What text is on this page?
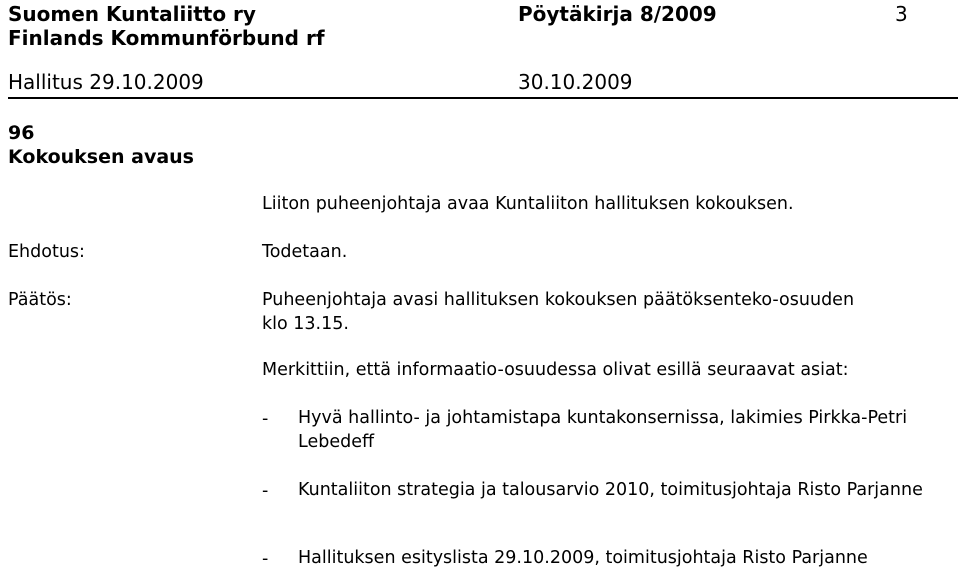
Suomen Kuntaliitto ry
Finlands Kommunförbund rf
Pöytäkirja 8/2009	3
Hallitus 29.10.2009	30.10.2009
96
Kokouksen avaus
Liiton puheenjohtaja avaa Kuntaliiton hallituksen kokouksen.
Ehdotus:	Todetaan.
Päätös:	Puheenjohtaja avasi hallituksen kokouksen päätöksenteko-osuuden
klo 13.15.
Merkittiin, että informaatio-osuudessa olivat esillä seuraavat asiat:
- Hyvä hallinto- ja johtamistapa kuntakonsernissa, lakimies Pirkka-Petri Lebedeff
- Kuntaliiton strategia ja talousarvio 2010, toimitusjohtaja Risto Parjanne
- Hallituksen esityslista 29.10.2009, toimitusjohtaja Risto Parjanne
